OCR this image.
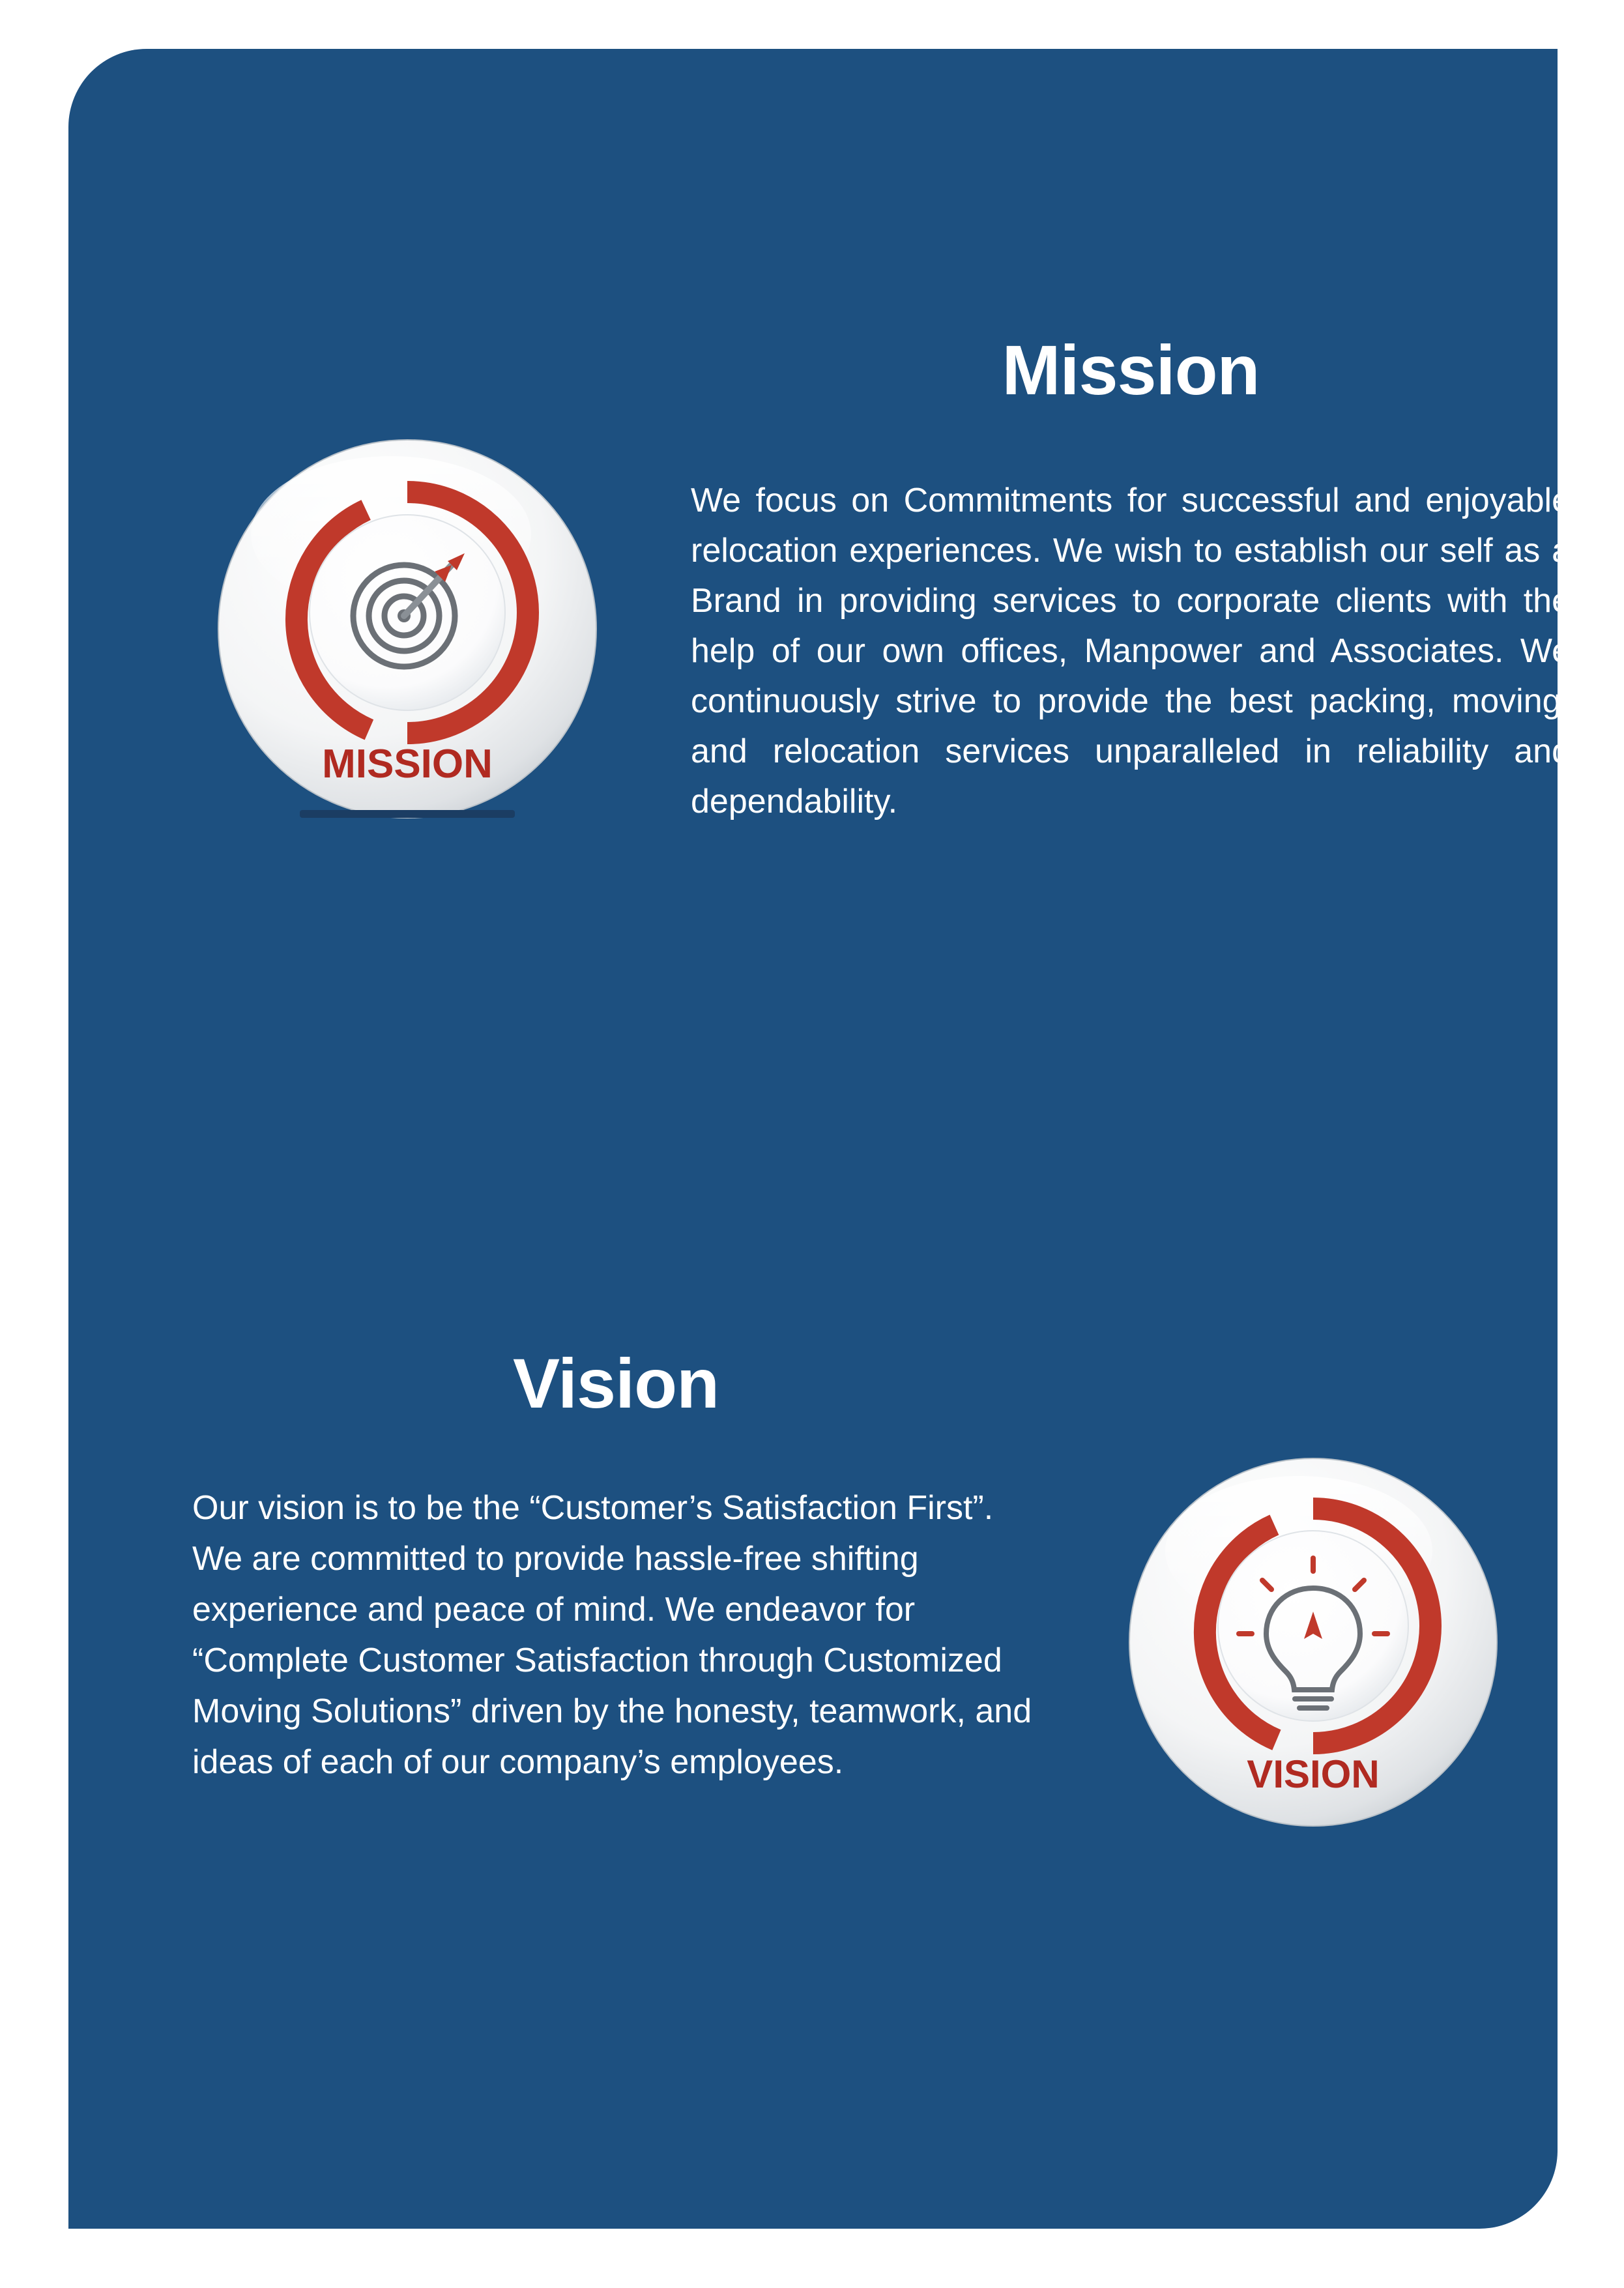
MISSION
Mission
We focus on Commitments for successful and enjoyable relocation experiences. We wish to establish our self as a Brand in providing services to corporate clients with the help of our own offices, Manpower and Associates. We continuously strive to provide the best packing, moving, and relocation services unparalleled in reliability and dependability.
Vision
Our vision is to be the “Customer’s Satisfaction First”. We are committed to provide hassle-free shifting experience and peace of mind. We endeavor for “Complete Customer Satisfaction through Customized Moving Solutions” driven by the honesty, teamwork, and ideas of each of our company’s employees.	VISION
